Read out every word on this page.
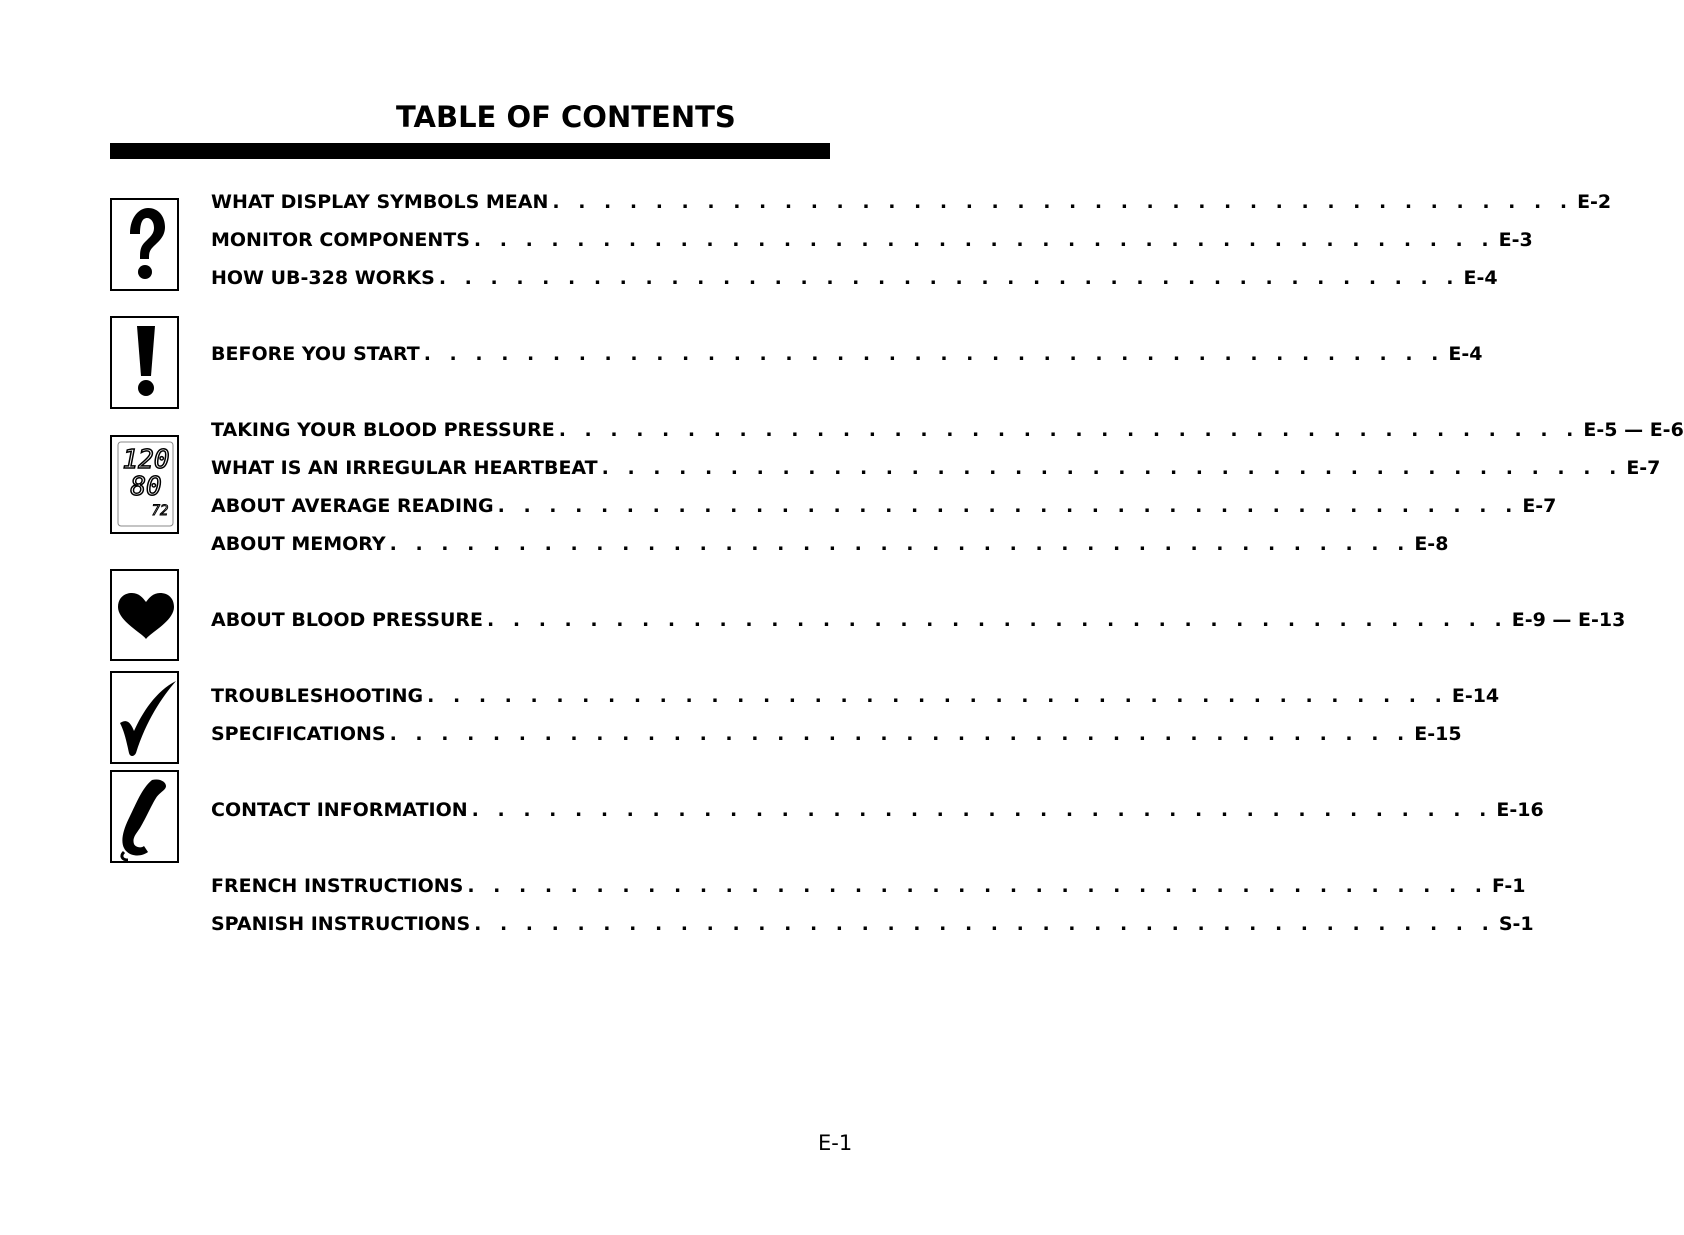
TABLE OF CONTENTS
120
80
72
WHAT DISPLAY SYMBOLS MEAN . . . . . . . . . . . . . . . . . . . . . . . . . . . . . . . . . . . . . . . . E-2
MONITOR COMPONENTS . . . . . . . . . . . . . . . . . . . . . . . . . . . . . . . . . . . . . . . . E-3
HOW UB-328 WORKS . . . . . . . . . . . . . . . . . . . . . . . . . . . . . . . . . . . . . . . . E-4
BEFORE YOU START . . . . . . . . . . . . . . . . . . . . . . . . . . . . . . . . . . . . . . . . E-4
TAKING YOUR BLOOD PRESSURE . . . . . . . . . . . . . . . . . . . . . . . . . . . . . . . . . . . . . . . . E-5 — E-6
WHAT IS AN IRREGULAR HEARTBEAT . . . . . . . . . . . . . . . . . . . . . . . . . . . . . . . . . . . . . . . . E-7
ABOUT AVERAGE READING . . . . . . . . . . . . . . . . . . . . . . . . . . . . . . . . . . . . . . . . E-7
ABOUT MEMORY . . . . . . . . . . . . . . . . . . . . . . . . . . . . . . . . . . . . . . . . E-8
ABOUT BLOOD PRESSURE . . . . . . . . . . . . . . . . . . . . . . . . . . . . . . . . . . . . . . . . E-9 — E-13
TROUBLESHOOTING . . . . . . . . . . . . . . . . . . . . . . . . . . . . . . . . . . . . . . . . E-14
SPECIFICATIONS . . . . . . . . . . . . . . . . . . . . . . . . . . . . . . . . . . . . . . . . E-15
CONTACT INFORMATION . . . . . . . . . . . . . . . . . . . . . . . . . . . . . . . . . . . . . . . . E-16
FRENCH INSTRUCTIONS . . . . . . . . . . . . . . . . . . . . . . . . . . . . . . . . . . . . . . . . F-1
SPANISH INSTRUCTIONS . . . . . . . . . . . . . . . . . . . . . . . . . . . . . . . . . . . . . . . . S-1

E-1
